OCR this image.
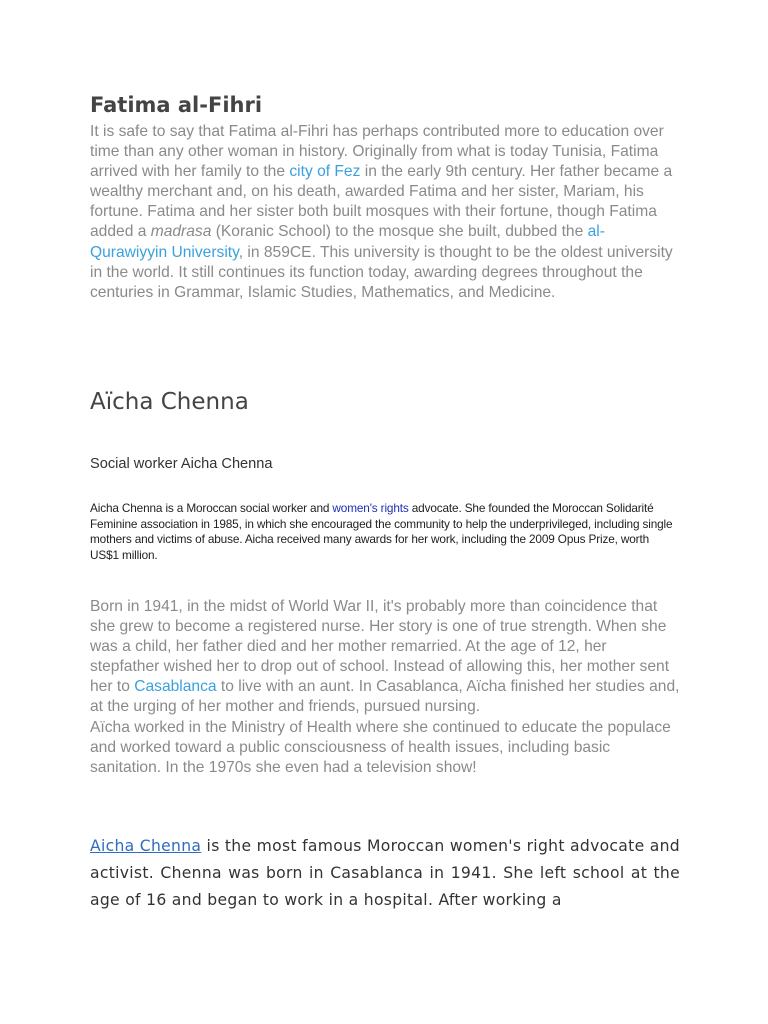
Fatima al-Fihri

It is safe to say that Fatima al-Fihri has perhaps contributed more to education over time than any other woman in history. Originally from what is today Tunisia, Fatima arrived with her family to the city of Fez in the early 9th century. Her father became a wealthy merchant and, on his death, awarded Fatima and her sister, Mariam, his fortune. Fatima and her sister both built mosques with their fortune, though Fatima added a madrasa (Koranic School) to the mosque she built, dubbed the al-Qurawiyyin University, in 859CE. This university is thought to be the oldest university in the world. It still continues its function today, awarding degrees throughout the centuries in Grammar, Islamic Studies, Mathematics, and Medicine.

Aïcha Chenna

Social worker Aicha Chenna

Aicha Chenna is a Moroccan social worker and women's rights advocate. She founded the Moroccan Solidarité Feminine association in 1985, in which she encouraged the community to help the underprivileged, including single mothers and victims of abuse. Aicha received many awards for her work, including the 2009 Opus Prize, worth US$1 million.

Born in 1941, in the midst of World War II, it's probably more than coincidence that she grew to become a registered nurse. Her story is one of true strength. When she was a child, her father died and her mother remarried. At the age of 12, her stepfather wished her to drop out of school. Instead of allowing this, her mother sent her to Casablanca to live with an aunt. In Casablanca, Aïcha finished her studies and, at the urging of her mother and friends, pursued nursing.

Aïcha worked in the Ministry of Health where she continued to educate the populace and worked toward a public consciousness of health issues, including basic sanitation. In the 1970s she even had a television show!

Aicha Chenna is the most famous Moroccan women's right advocate and activist. Chenna was born in Casablanca in 1941. She left school at the age of 16 and began to work in a hospital. After working a
